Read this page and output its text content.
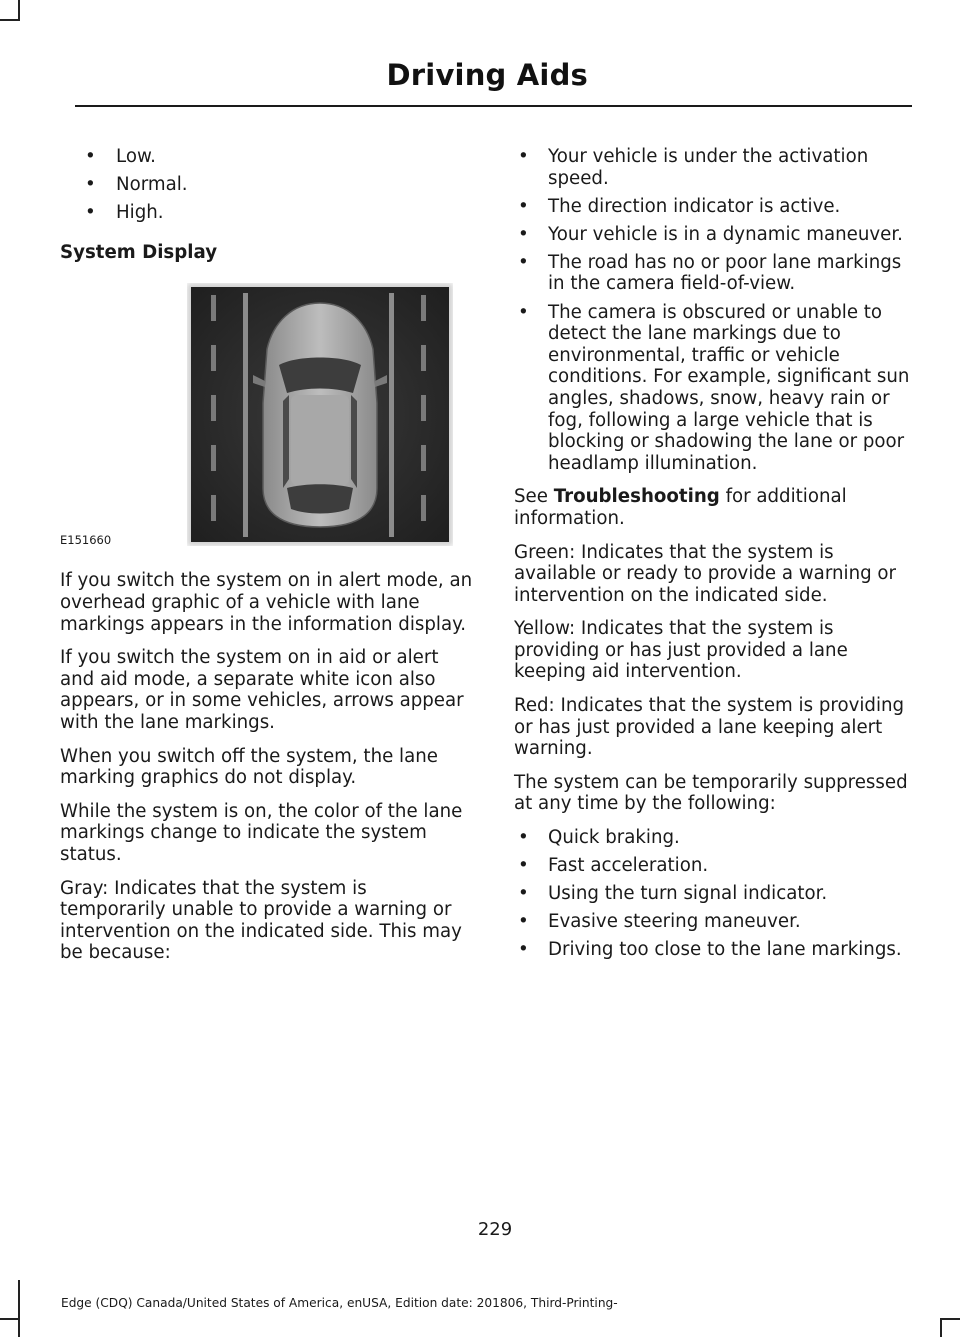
Driving Aids
• Low.
• Normal.
• High.
System Display
E151660

If you switch the system on in alert mode, an overhead graphic of a vehicle with lane markings appears in the information display.

If you switch the system on in aid or alert and aid mode, a separate white icon also appears, or in some vehicles, arrows appear with the lane markings.

When you switch off the system, the lane marking graphics do not display.

While the system is on, the color of the lane markings change to indicate the system status.

Gray: Indicates that the system is temporarily unable to provide a warning or intervention on the indicated side. This may be because:

• Your vehicle is under the activation speed.
• The direction indicator is active.
• Your vehicle is in a dynamic maneuver.
• The road has no or poor lane markings in the camera field-of-view.
• The camera is obscured or unable to detect the lane markings due to environmental, traffic or vehicle conditions. For example, significant sun angles, shadows, snow, heavy rain or fog, following a large vehicle that is blocking or shadowing the lane or poor headlamp illumination.

See Troubleshooting for additional information.

Green: Indicates that the system is available or ready to provide a warning or intervention on the indicated side.

Yellow: Indicates that the system is providing or has just provided a lane keeping aid intervention.

Red: Indicates that the system is providing or has just provided a lane keeping alert warning.

The system can be temporarily suppressed at any time by the following:

• Quick braking.
• Fast acceleration.
• Using the turn signal indicator.
• Evasive steering maneuver.
• Driving too close to the lane markings.
229
Edge (CDQ) Canada/United States of America, enUSA, Edition date: 201806, Third-Printing-
